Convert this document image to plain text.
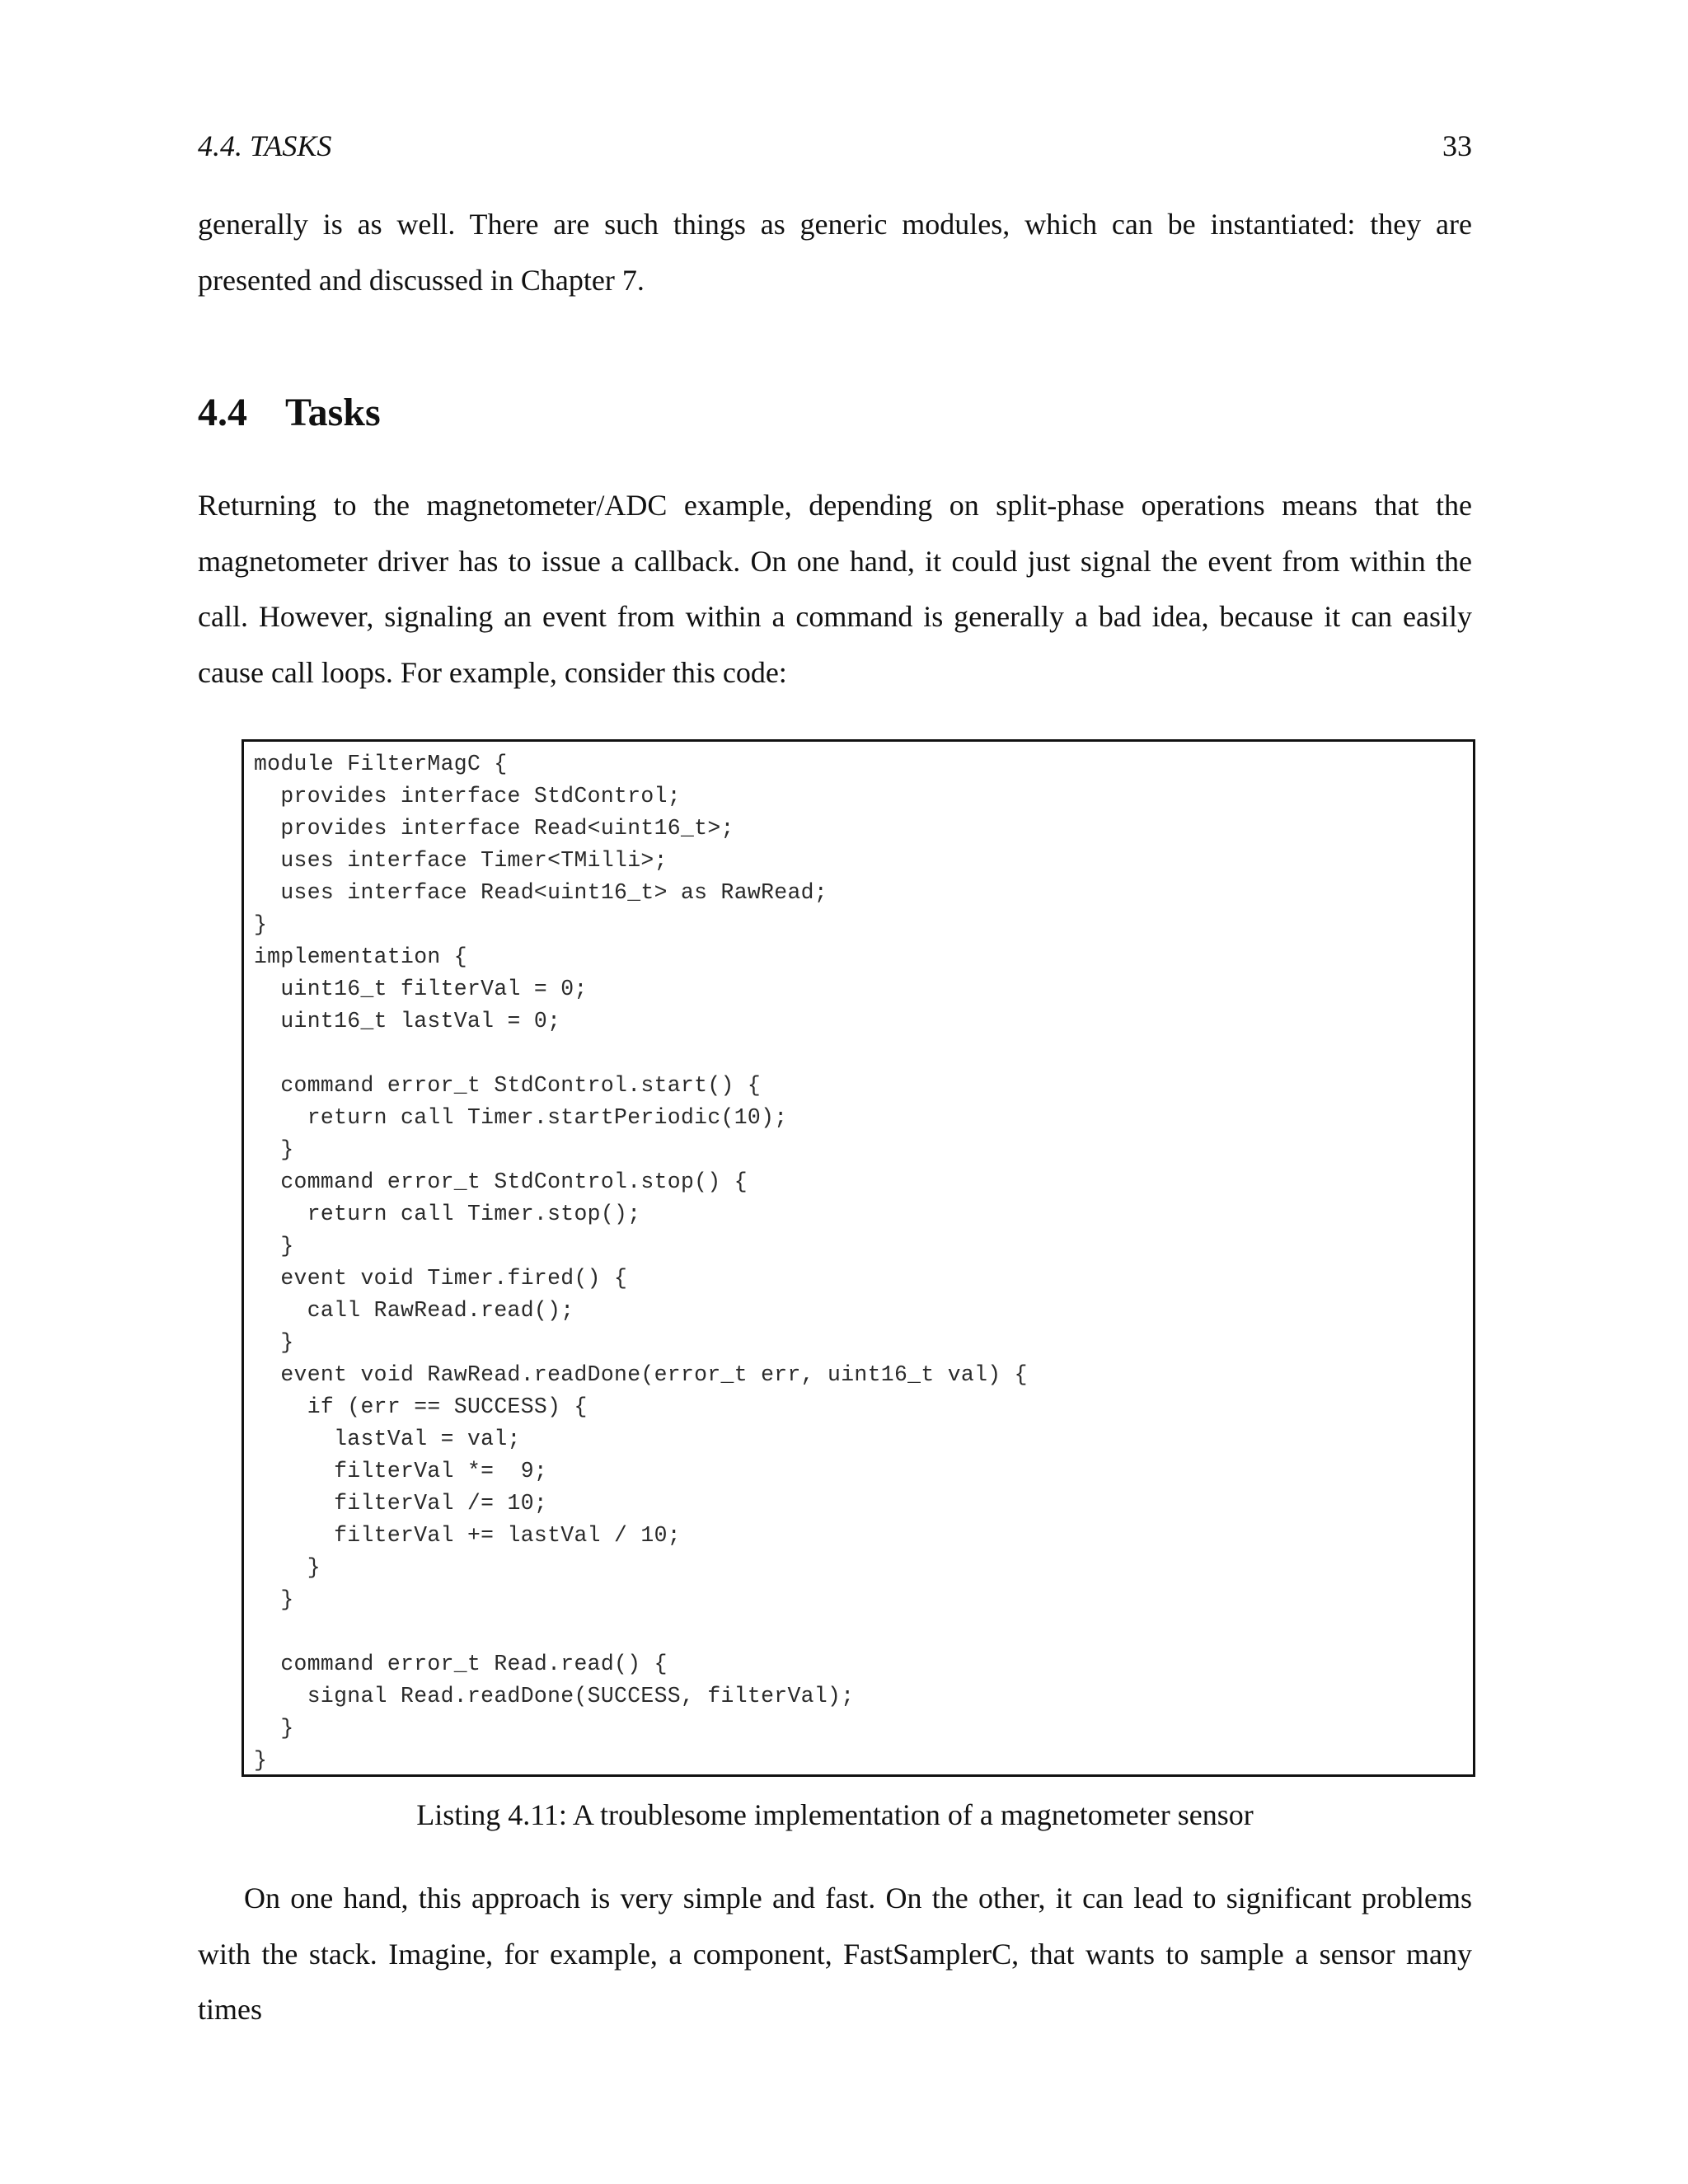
4.4. TASKS	33

generally is as well. There are such things as generic modules, which can be instantiated: they are presented and discussed in Chapter 7.

4.4 Tasks

Returning to the magnetometer/ADC example, depending on split-phase operations means that the magnetometer driver has to issue a callback. On one hand, it could just signal the event from within the call. However, signaling an event from within a command is generally a bad idea, because it can easily cause call loops. For example, consider this code:

module FilterMagC {
provides interface StdControl;
provides interface Read<uint16_t>;
uses interface Timer<TMilli>;
uses interface Read<uint16_t> as RawRead;
}
implementation {
uint16_t filterVal = 0;
uint16_t lastVal = 0;
command error_t StdControl.start() {
return call Timer.startPeriodic(10);
}
command error_t StdControl.stop() {
return call Timer.stop();
}
event void Timer.fired() {
call RawRead.read();
}
event void RawRead.readDone(error_t err, uint16_t val) {
if (err == SUCCESS) {
lastVal = val;
filterVal *=  9;
filterVal /= 10;
filterVal += lastVal / 10;
}
}
command error_t Read.read() {
signal Read.readDone(SUCCESS, filterVal);
}
}

Listing 4.11: A troublesome implementation of a magnetometer sensor

On one hand, this approach is very simple and fast. On the other, it can lead to significant problems with the stack. Imagine, for example, a component, FastSamplerC, that wants to sample a sensor many times
